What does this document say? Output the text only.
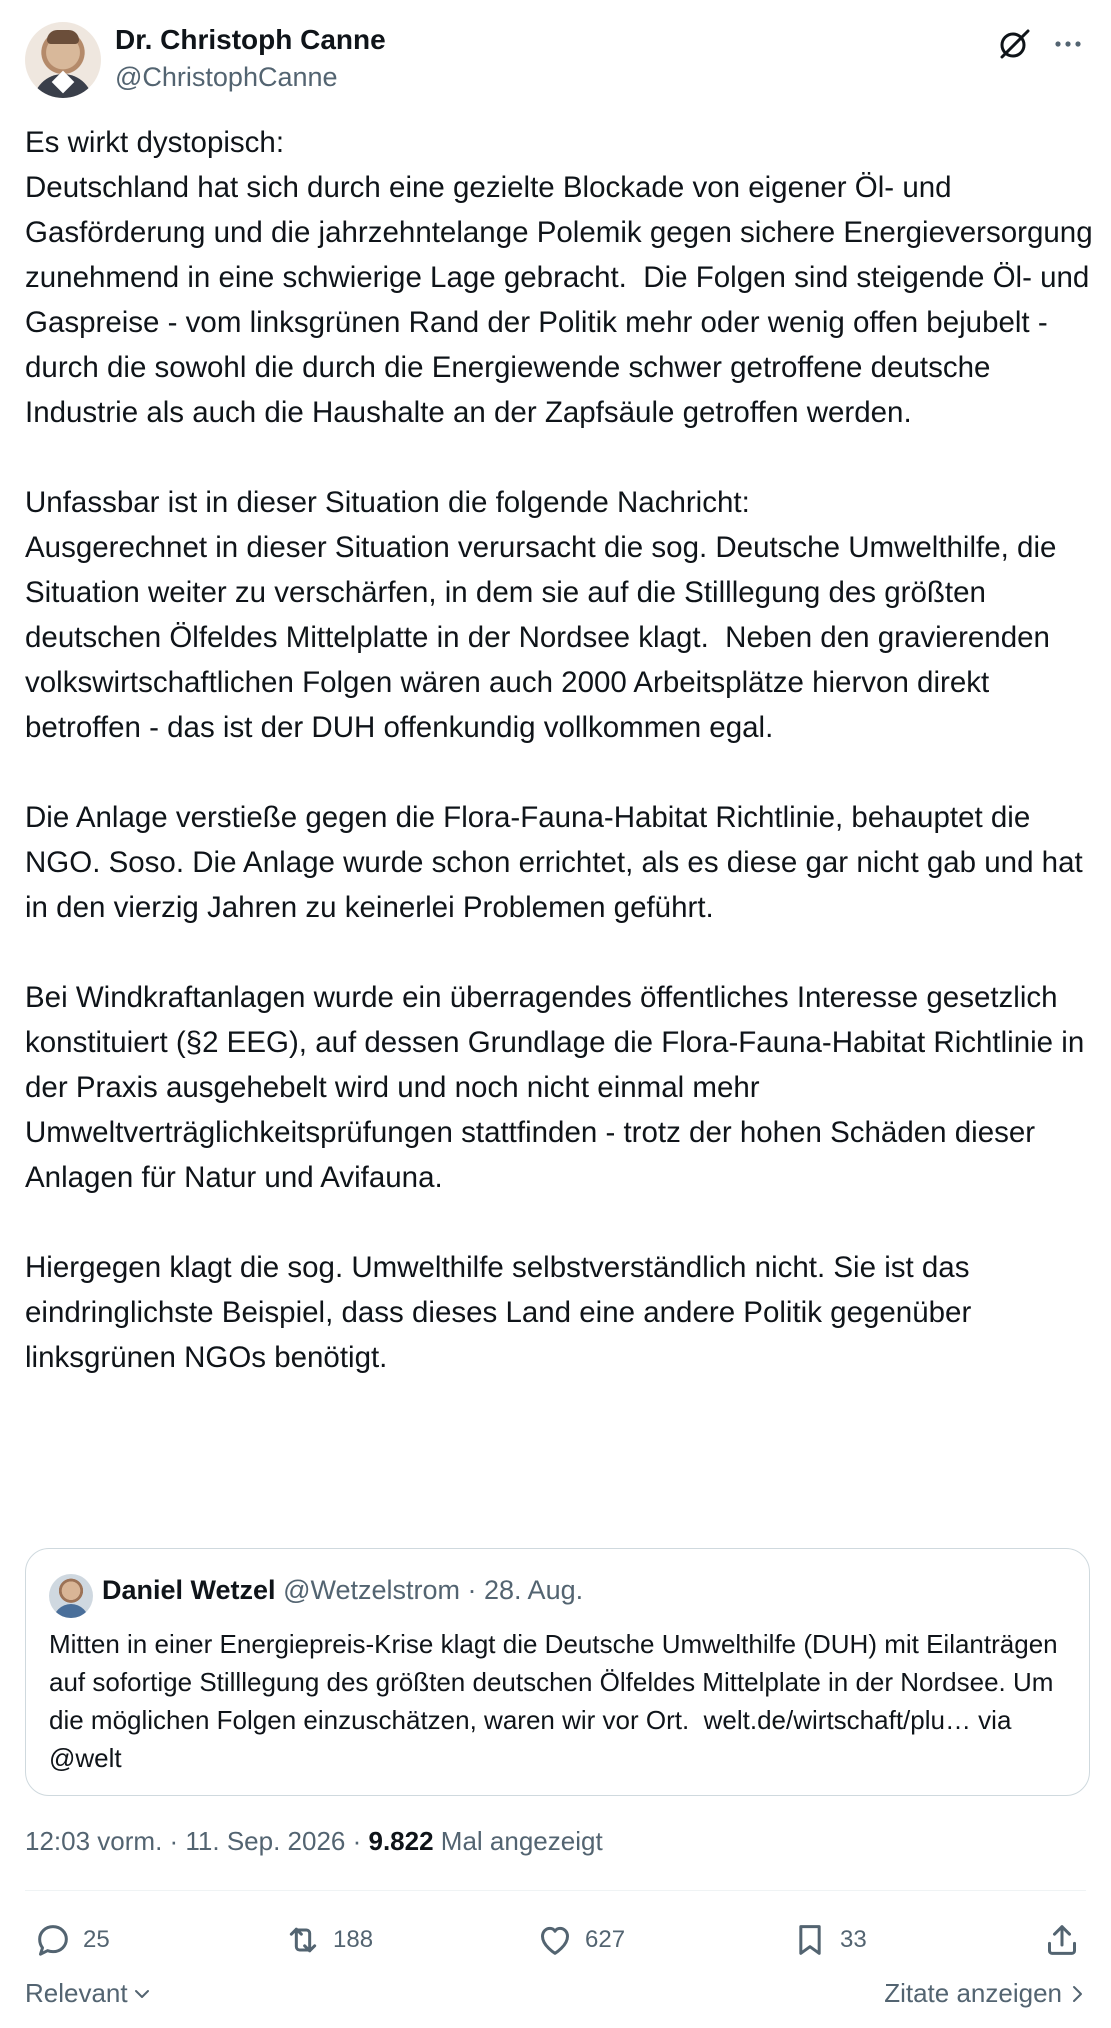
Dr. Christoph Canne
@ChristophCanne
Es wirkt dystopisch:
Deutschland hat sich durch eine gezielte Blockade von eigener Öl- und Gasförderung und die jahrzehntelange Polemik gegen sichere Energieversorgung zunehmend in eine schwierige Lage gebracht.  Die Folgen sind steigende Öl- und Gaspreise - vom linksgrünen Rand der Politik mehr oder wenig offen bejubelt - durch die sowohl die durch die Energiewende schwer getroffene deutsche Industrie als auch die Haushalte an der Zapfsäule getroffen werden.

Unfassbar ist in dieser Situation die folgende Nachricht:
Ausgerechnet in dieser Situation verursacht die sog. Deutsche Umwelthilfe, die Situation weiter zu verschärfen, in dem sie auf die Stilllegung des größten deutschen Ölfeldes Mittelplatte in der Nordsee klagt.  Neben den gravierenden volkswirtschaftlichen Folgen wären auch 2000 Arbeitsplätze hiervon direkt betroffen - das ist der DUH offenkundig vollkommen egal.

Die Anlage verstieße gegen die Flora-Fauna-Habitat Richtlinie, behauptet die NGO. Soso. Die Anlage wurde schon errichtet, als es diese gar nicht gab und hat in den vierzig Jahren zu keinerlei Problemen geführt.

Bei Windkraftanlagen wurde ein überragendes öffentliches Interesse gesetzlich konstituiert (§2 EEG), auf dessen Grundlage die Flora-Fauna-Habitat Richtlinie in der Praxis ausgehebelt wird und noch nicht einmal mehr Umweltverträglichkeitsprüfungen stattfinden - trotz der hohen Schäden dieser Anlagen für Natur und Avifauna.

Hiergegen klagt die sog. Umwelthilfe selbstverständlich nicht. Sie ist das eindringlichste Beispiel, dass dieses Land eine andere Politik gegenüber linksgrünen NGOs benötigt.
Daniel Wetzel @Wetzelstrom · 28. Aug.
Mitten in einer Energiepreis-Krise klagt die Deutsche Umwelthilfe (DUH) mit Eilanträgen auf sofortige Stilllegung des größten deutschen Ölfeldes Mittelplate in der Nordsee. Um die möglichen Folgen einzuschätzen, waren wir vor Ort.  welt.de/wirtschaft/plu… via @welt
12:03 vorm. · 11. Sep. 2026 · 9.822 Mal angezeigt
25	188	627	33
Relevant	Zitate anzeigen
